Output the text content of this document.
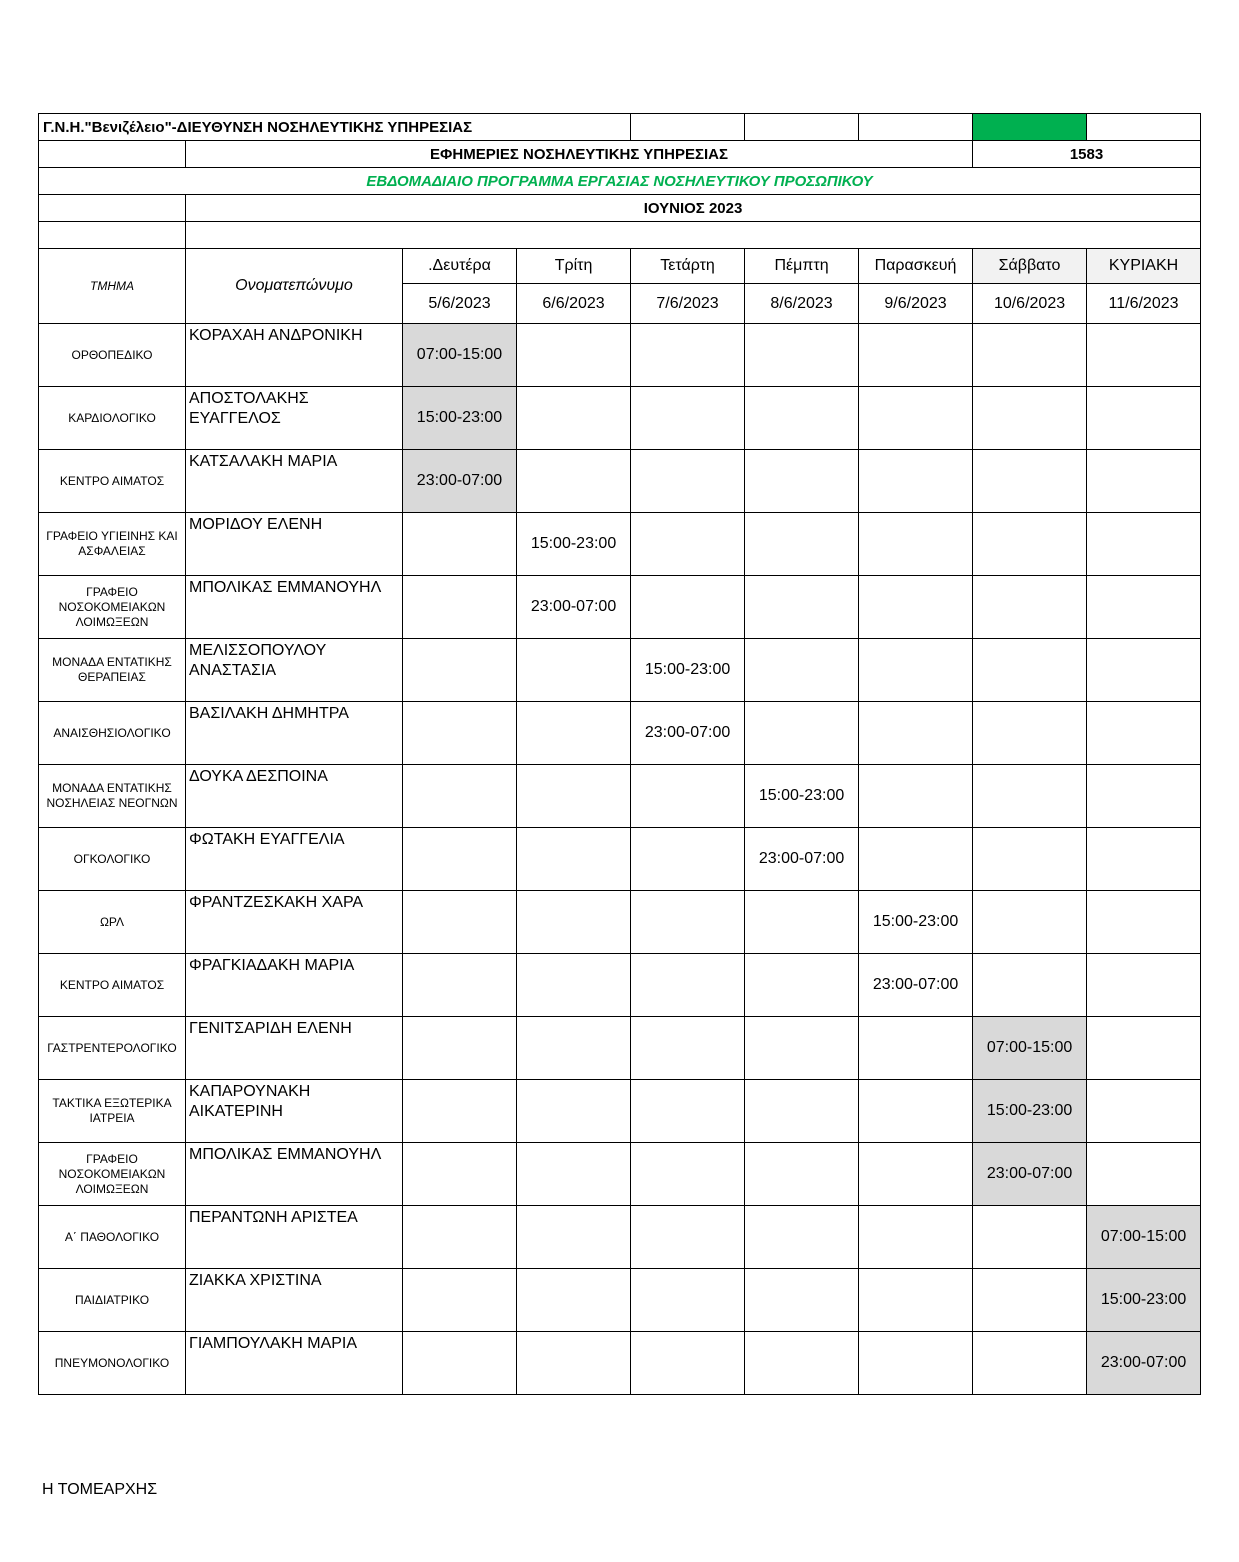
Γ.Ν.Η."Βενιζέλειο"-ΔΙΕΥΘΥΝΣΗ ΝΟΣΗΛΕΥΤΙΚΗΣ ΥΠΗΡΕΣΙΑΣ								
	ΕΦΗΜΕΡΙΕΣ ΝΟΣΗΛΕΥΤΙΚΗΣ ΥΠΗΡΕΣΙΑΣ						1583	
ΕΒΔΟΜΑΔΙΑΙΟ ΠΡΟΓΡΑΜΜΑ ΕΡΓΑΣΙΑΣ ΝΟΣΗΛΕΥΤΙΚΟΥ ΠΡΟΣΩΠΙΚΟΥ								
	ΙΟΥΝΙΟΣ 2023							

ΤΜΗΜΑ	Ονοματεπώνυμο	.Δευτέρα	Τρίτη	Τετάρτη	Πέμπτη	Παρασκευή	Σάββατο	ΚΥΡΙΑΚΗ
		5/6/2023	6/6/2023	7/6/2023	8/6/2023	9/6/2023	10/6/2023	11/6/2023
ΟΡΘΟΠΕΔΙΚΟ	ΚΟΡΑΧΑΗ ΑΝΔΡΟΝΙΚΗ	07:00-15:00						
ΚΑΡΔΙΟΛΟΓΙΚΟ	ΑΠΟΣΤΟΛΑΚΗΣ ΕΥΑΓΓΕΛΟΣ	15:00-23:00						
ΚΕΝΤΡΟ ΑΙΜΑΤΟΣ	ΚΑΤΣΑΛΑΚΗ ΜΑΡΙΑ	23:00-07:00						
ΓΡΑΦΕΙΟ ΥΓΙΕΙΝΗΣ ΚΑΙ ΑΣΦΑΛΕΙΑΣ	ΜΟΡΙΔΟΥ ΕΛΕΝΗ		15:00-23:00					
ΓΡΑΦΕΙΟ ΝΟΣΟΚΟΜΕΙΑΚΩΝ ΛΟΙΜΩΞΕΩΝ	ΜΠΟΛΙΚΑΣ ΕΜΜΑΝΟΥΗΛ		23:00-07:00					
ΜΟΝΑΔΑ ΕΝΤΑΤΙΚΗΣ ΘΕΡΑΠΕΙΑΣ	ΜΕΛΙΣΣΟΠΟΥΛΟΥ ΑΝΑΣΤΑΣΙΑ			15:00-23:00				
ΑΝΑΙΣΘΗΣΙΟΛΟΓΙΚΟ	ΒΑΣΙΛΑΚΗ ΔΗΜΗΤΡΑ			23:00-07:00				
ΜΟΝΑΔΑ ΕΝΤΑΤΙΚΗΣ ΝΟΣΗΛΕΙΑΣ ΝΕΟΓΝΩΝ	ΔΟΥΚΑ ΔΕΣΠΟΙΝΑ				15:00-23:00			
ΟΓΚΟΛΟΓΙΚΟ	ΦΩΤΑΚΗ ΕΥΑΓΓΕΛΙΑ				23:00-07:00			
ΩΡΛ	ΦΡΑΝΤΖΕΣΚΑΚΗ ΧΑΡΑ					15:00-23:00		
ΚΕΝΤΡΟ ΑΙΜΑΤΟΣ	ΦΡΑΓΚΙΑΔΑΚΗ ΜΑΡΙΑ					23:00-07:00		
ΓΑΣΤΡΕΝΤΕΡΟΛΟΓΙΚΟ	ΓΕΝΙΤΣΑΡΙΔΗ ΕΛΕΝΗ						07:00-15:00	
ΤΑΚΤΙΚΑ ΕΞΩΤΕΡΙΚΑ ΙΑΤΡΕΙΑ	ΚΑΠΑΡΟΥΝΑΚΗ ΑΙΚΑΤΕΡΙΝΗ						15:00-23:00	
ΓΡΑΦΕΙΟ ΝΟΣΟΚΟΜΕΙΑΚΩΝ ΛΟΙΜΩΞΕΩΝ	ΜΠΟΛΙΚΑΣ ΕΜΜΑΝΟΥΗΛ						23:00-07:00	
Α΄ ΠΑΘΟΛΟΓΙΚΟ	ΠΕΡΑΝΤΩΝΗ ΑΡΙΣΤΕΑ							07:00-15:00
ΠΑΙΔΙΑΤΡΙΚΟ	ΖΙΑΚΚΑ ΧΡΙΣΤΙΝΑ							15:00-23:00
ΠΝΕΥΜΟΝΟΛΟΓΙΚΟ	ΓΙΑΜΠΟΥΛΑΚΗ ΜΑΡΙΑ							23:00-07:00
Η ΤΟΜΕΑΡΧΗΣ
